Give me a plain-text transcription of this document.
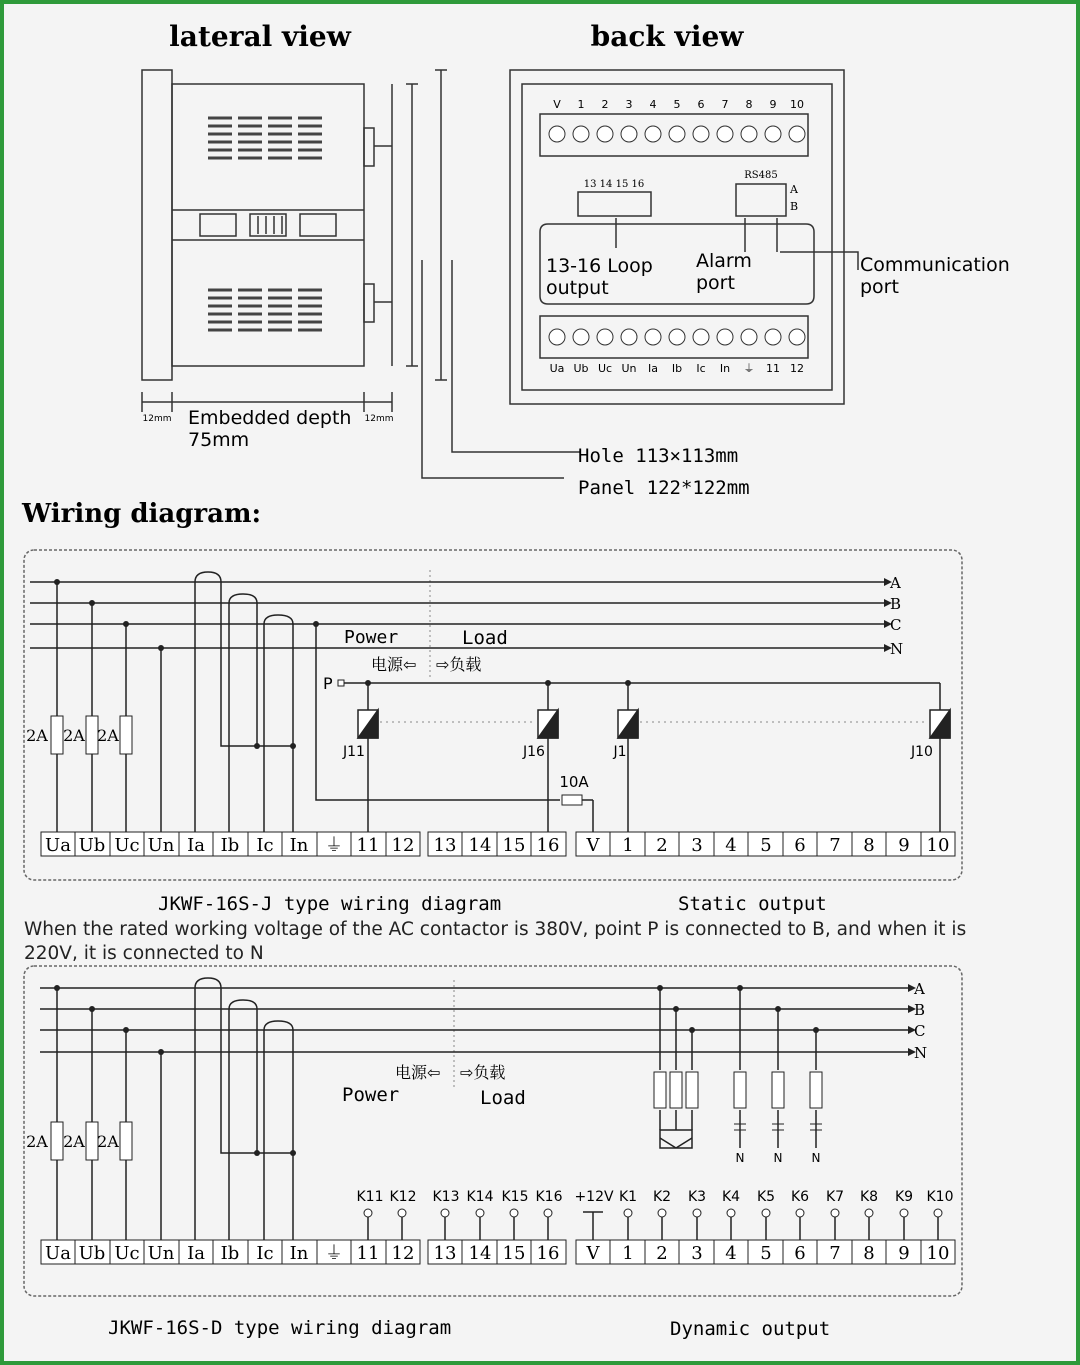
lateral view	back view
Wiring diagram:
12mm	12mm
Embedded depth
75mm
Hole 113×113mm
Panel 122*122mm
V 1 2 3 4 5 6 7 8 9 10
Ua Ub Uc Un Ia Ib Ic In ⏚ 11 12
13 14 15 16
RS485
A
B
13-16 Loop
output
Alarm
port
Communication
port
2A 2A 2A
A
B
C
N
Power	Load
电源⇦ ⇨负载
P
J11	J16	J1	J10
10A
Ua Ub Uc Un Ia Ib Ic In ⏚ 11 12 13 14 15 16 V 1 2 3 4 5 6 7 8 9 10
JKWF-16S-J type wiring diagram	Static output
When the rated working voltage of the AC contactor is 380V, point P is connected to B, and when it is 220V, it is connected to N
2A 2A 2A
A
B
C
N
电源⇦ ⇨负载
Power	Load
N N N
K11 K12 K13 K14 K15 K16 +12V K1 K2 K3 K4 K5 K6 K7 K8 K9 K10
Ua Ub Uc Un Ia Ib Ic In ⏚ 11 12 13 14 15 16 V 1 2 3 4 5 6 7 8 9 10
JKWF-16S-D type wiring diagram	Dynamic output
